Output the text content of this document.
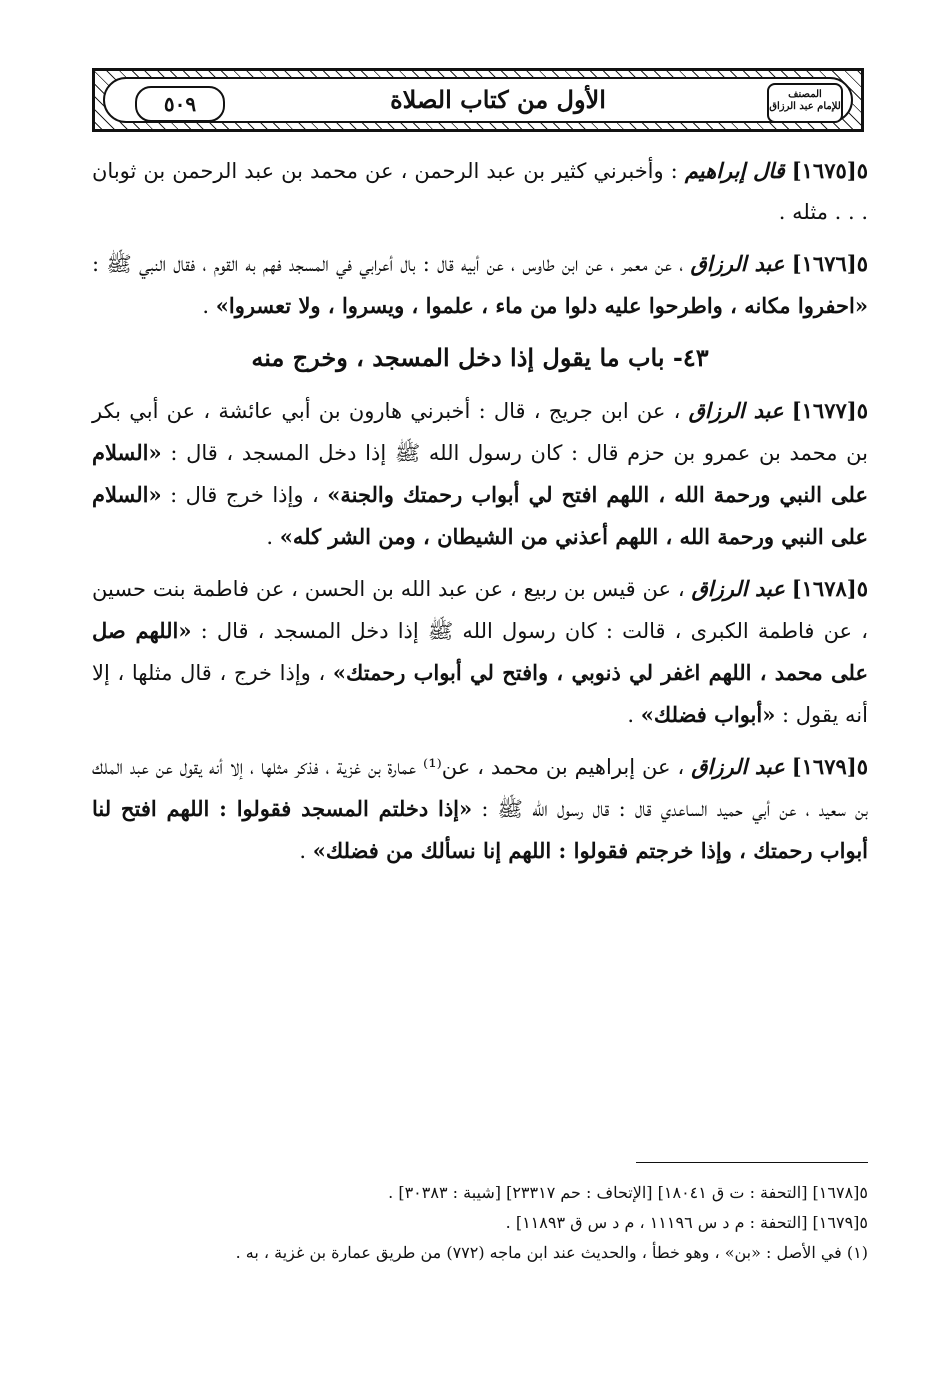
٥٠٩	الأول من كتاب الصلاة	المصنف
للإمام عبد الرزاق

٥[١٦٧٥] قال إبراهيم : وأخبرني كثير بن عبد الرحمن ، عن محمد بن عبد الرحمن بن ثوبان . . . مثله .

٥[١٦٧٦] عبد الرزاق ، عن معمر ، عن ابن طاوس ، عن أبيه قال : بال أعرابي في المسجد فهم به القوم ، فقال النبي ﷺ : «احفروا مكانه ، واطرحوا عليه دلوا من ماء ، علموا ، ويسروا ، ولا تعسروا» .

٤٣- باب ما يقول إذا دخل المسجد ، وخرج منه

٥[١٦٧٧] عبد الرزاق ، عن ابن جريج ، قال : أخبرني هارون بن أبي عائشة ، عن أبي بكر بن محمد بن عمرو بن حزم قال : كان رسول الله ﷺ إذا دخل المسجد ، قال : «السلام على النبي ورحمة الله ، اللهم افتح لي أبواب رحمتك والجنة» ، وإذا خرج قال : «السلام على النبي ورحمة الله ، اللهم أعذني من الشيطان ، ومن الشر كله» .

٥[١٦٧٨] عبد الرزاق ، عن قيس بن ربيع ، عن عبد الله بن الحسن ، عن فاطمة بنت حسين ، عن فاطمة الكبرى ، قالت : كان رسول الله ﷺ إذا دخل المسجد ، قال : «اللهم صل على محمد ، اللهم اغفر لي ذنوبي ، وافتح لي أبواب رحمتك» ، وإذا خرج ، قال مثلها ، إلا أنه يقول : «أبواب فضلك» .

٥[١٦٧٩] عبد الرزاق ، عن إبراهيم بن محمد ، عن⁽¹⁾ عمارة بن غزية ، فذكر مثلها ، إلا أنه يقول عن عبد الملك بن سعيد ، عن أبي حميد الساعدي قال : قال رسول الله ﷺ : «إذا دخلتم المسجد فقولوا : اللهم افتح لنا أبواب رحمتك ، وإذا خرجتم فقولوا : اللهم إنا نسألك من فضلك» .

٥[١٦٧٨] [التحفة : ت ق ١٨٠٤١] [الإتحاف : حم ٢٣٣١٧] [شيبة : ٣٠٣٨٣] .

٥[١٦٧٩] [التحفة : م د س ١١١٩٦ ، م د س ق ١١٨٩٣] .

(١) في الأصل : «بن» ، وهو خطأ ، والحديث عند ابن ماجه (٧٧٢) من طريق عمارة بن غزية ، به .
